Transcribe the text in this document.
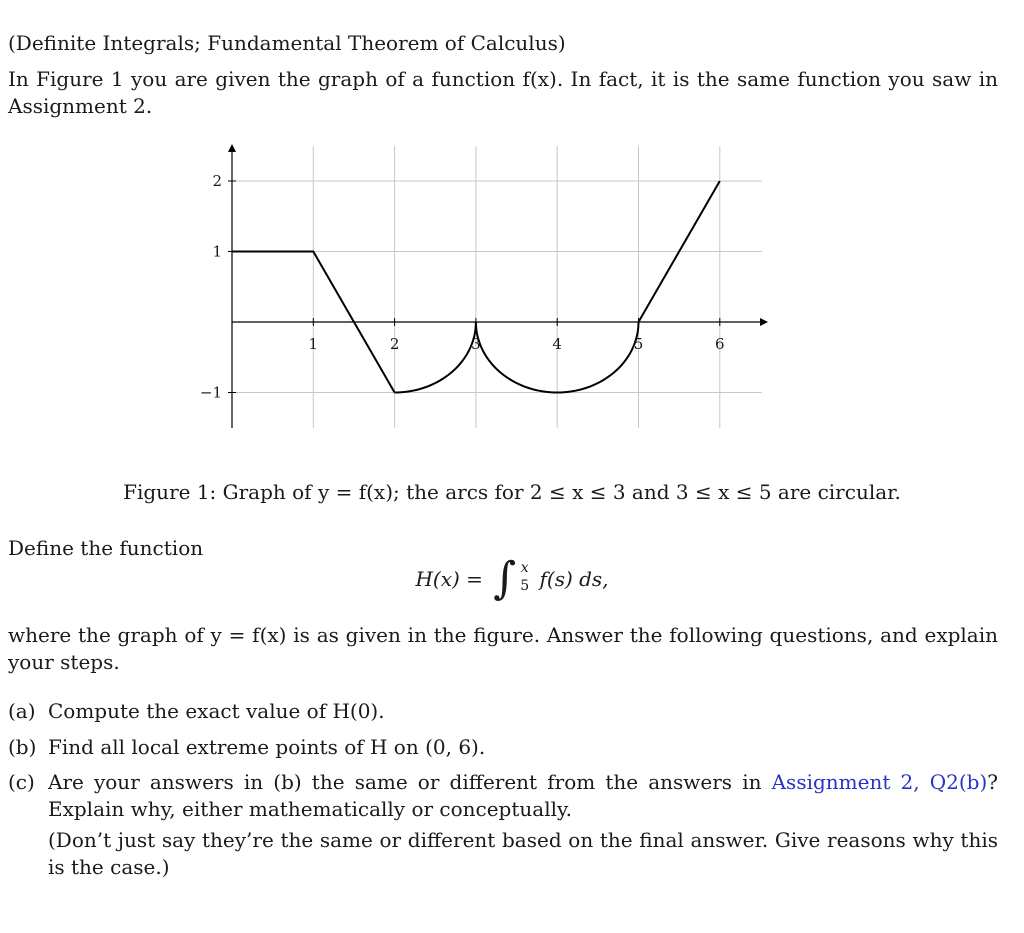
(Definite Integrals; Fundamental Theorem of Calculus)

In Figure 1 you are given the graph of a function f(x). In fact, it is the same function you saw in Assignment 2.

1	2	3	4	5	6
2
1
−1
Figure 1: Graph of y = f(x); the arcs for 2 ≤ x ≤ 3 and 3 ≤ x ≤ 5 are circular.

Define the function

H(x) = ∫ x
5 f(s) ds,

where the graph of y = f(x) is as given in the figure. Answer the following questions, and explain your steps.

(a) Compute the exact value of H(0).
(b) Find all local extreme points of H on (0, 6).
(c) Are your answers in (b) the same or different from the answers in Assignment 2, Q2(b)? Explain why, either mathematically or conceptually.
(Don’t just say they’re the same or different based on the final answer. Give reasons why this is the case.)
